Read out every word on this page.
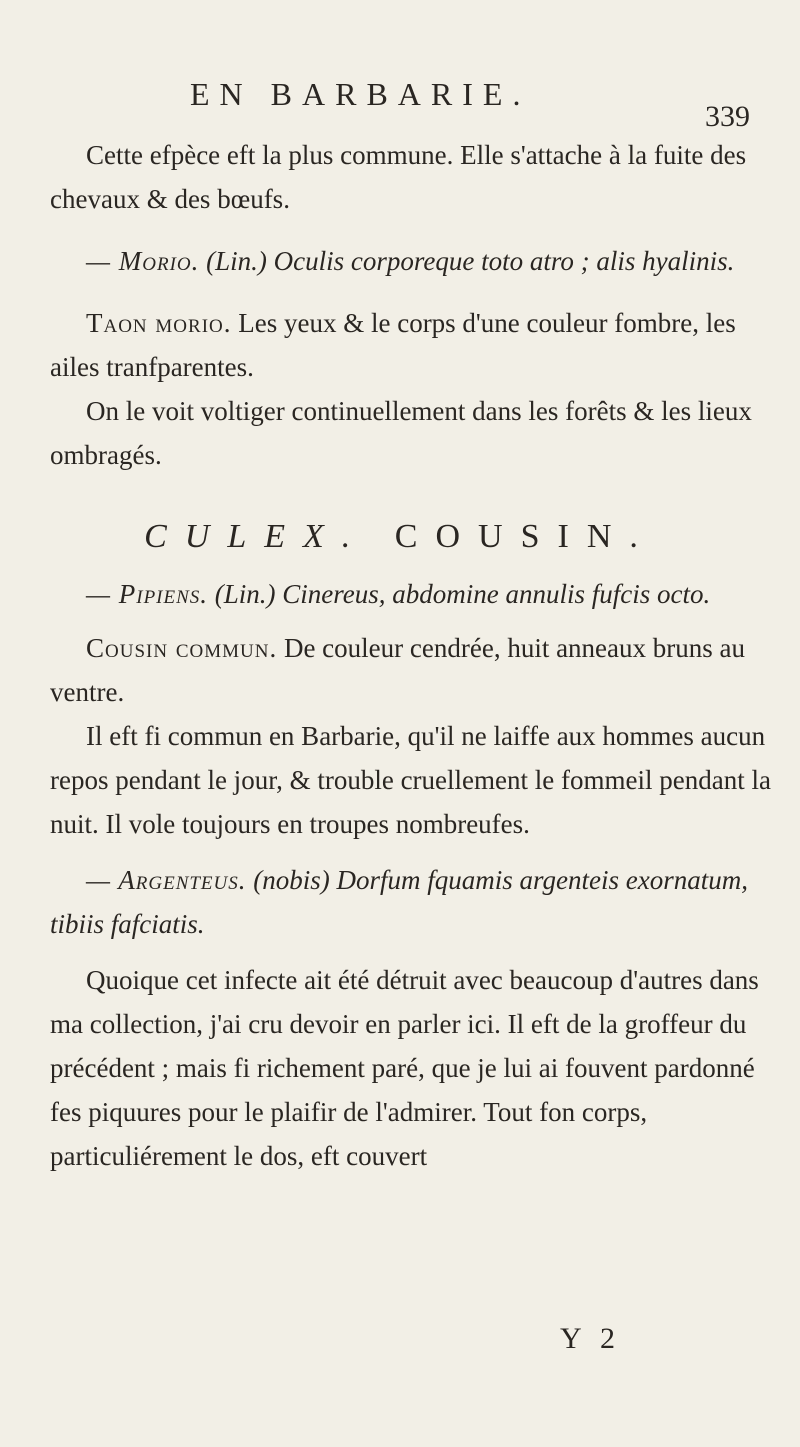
EN BARBARIE.
339

Cette efpèce eft la plus commune. Elle s'attache à la fuite des chevaux & des bœufs.

— Morio. (Lin.) Oculis corporeque toto atro ; alis hyalinis.

Taon morio. Les yeux & le corps d'une couleur fombre, les ailes tranfparentes.

On le voit voltiger continuellement dans les forêts & les lieux ombragés.

CULEX. COUSIN.

— Pipiens. (Lin.) Cinereus, abdomine annulis fufcis octo.

Cousin commun. De couleur cendrée, huit anneaux bruns au ventre.

Il eft fi commun en Barbarie, qu'il ne laiffe aux hommes aucun repos pendant le jour, & trouble cruellement le fommeil pendant la nuit. Il vole toujours en troupes nombreufes.

— Argenteus. (nobis) Dorfum fquamis argenteis exornatum, tibiis fafciatis.

Quoique cet infecte ait été détruit avec beaucoup d'autres dans ma collection, j'ai cru devoir en parler ici. Il eft de la groffeur du précédent ; mais fi richement paré, que je lui ai fouvent pardonné fes piquures pour le plaifir de l'admirer. Tout fon corps, particuliérement le dos, eft couvert

Y 2
